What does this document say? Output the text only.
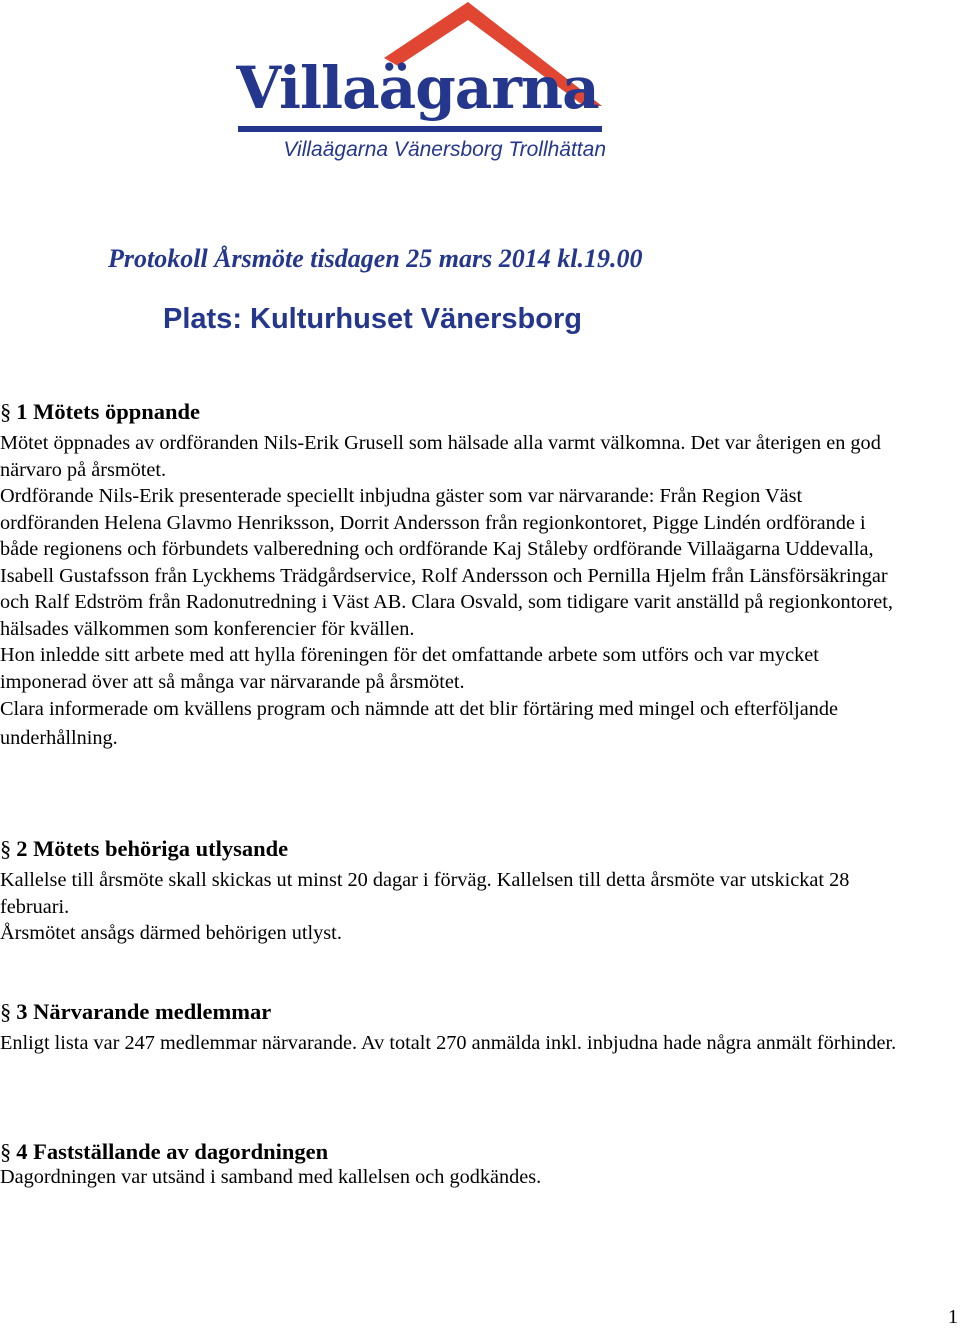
Villaägarna
Villaägarna Vänersborg Trollhättan
Protokoll Årsmöte tisdagen 25 mars 2014 kl.19.00
Plats: Kulturhuset Vänersborg

§ 1 Mötets öppnande

Mötet öppnades av ordföranden Nils-Erik Grusell som hälsade alla varmt välkomna. Det var återigen en god närvaro på årsmötet.

Ordförande Nils-Erik presenterade speciellt inbjudna gäster som var närvarande: Från Region Väst ordföranden Helena Glavmo Henriksson, Dorrit Andersson från regionkontoret, Pigge Lindén ordförande i både regionens och förbundets valberedning och ordförande Kaj Ståleby ordförande Villaägarna Uddevalla, Isabell Gustafsson från Lyckhems Trädgårdservice, Rolf Andersson och Pernilla Hjelm från Länsförsäkringar och Ralf Edström från Radonutredning i Väst AB. Clara Osvald, som tidigare varit anställd på regionkontoret, hälsades välkommen som konferencier för kvällen.

Hon inledde sitt arbete med att hylla föreningen för det omfattande arbete som utförs och var mycket imponerad över att så många var närvarande på årsmötet.

Clara informerade om kvällens program och nämnde att det blir förtäring med mingel och efterföljande underhållning.

§ 2 Mötets behöriga utlysande

Kallelse till årsmöte skall skickas ut minst 20 dagar i förväg. Kallelsen till detta årsmöte var utskickat 28 februari.

Årsmötet ansågs därmed behörigen utlyst.

§ 3 Närvarande medlemmar

Enligt lista var 247 medlemmar närvarande. Av totalt 270 anmälda inkl. inbjudna hade några anmält förhinder.

§ 4 Fastställande av dagordningen

Dagordningen var utsänd i samband med kallelsen och godkändes.

1
